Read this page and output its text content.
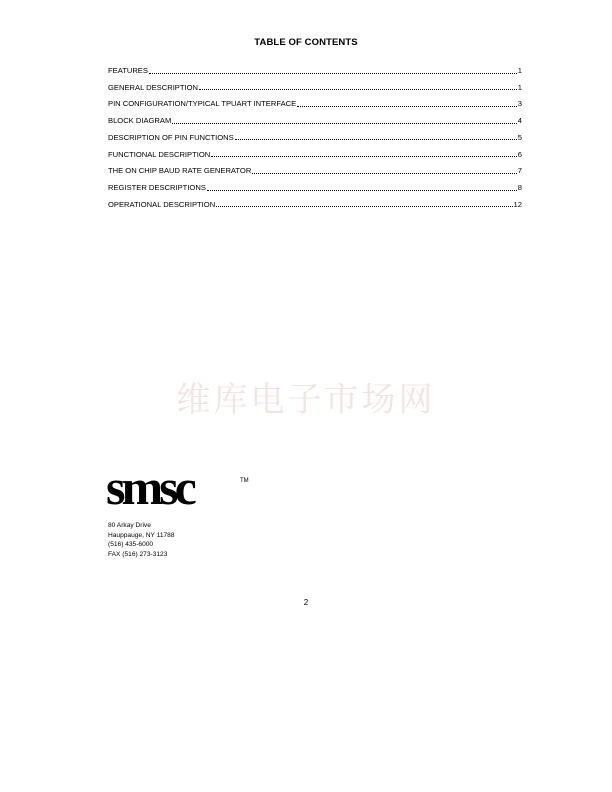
TABLE OF CONTENTS
FEATURES	1
GENERAL DESCRIPTION	1
PIN CONFIGURATION/TYPICAL TPUART INTERFACE	3
BLOCK DIAGRAM	4
DESCRIPTION OF PIN FUNCTIONS	5
FUNCTIONAL DESCRIPTION	6
THE ON CHIP BAUD RATE GENERATOR	7
REGISTER DESCRIPTIONS	8
OPERATIONAL DESCRIPTION	12
维库电子市场网
smsc	TM
80 Arkay Drive
Hauppauge, NY 11788
(516) 435-6000
FAX (516) 273-3123
2
